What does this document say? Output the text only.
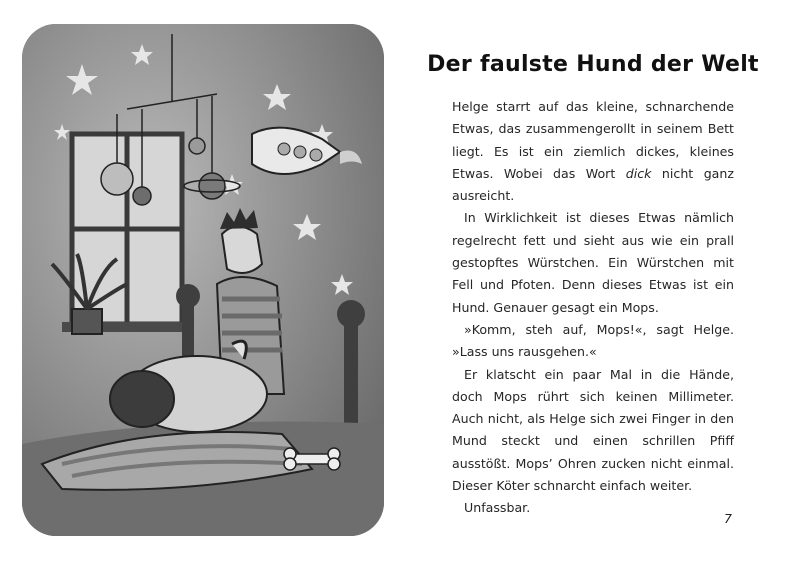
Der faulste Hund der Welt

Helge starrt auf das kleine, schnarchende Etwas, das zusammengerollt in seinem Bett liegt. Es ist ein ziemlich dickes, kleines Etwas. Wobei das Wort dick nicht ganz ausreicht.

In Wirklichkeit ist dieses Etwas nämlich regelrecht fett und sieht aus wie ein prall gestopftes Würstchen. Ein Würstchen mit Fell und Pfoten. Denn dieses Etwas ist ein Hund. Genauer gesagt ein Mops.

»Komm, steh auf, Mops!«, sagt Helge. »Lass uns rausgehen.«

Er klatscht ein paar Mal in die Hände, doch Mops rührt sich keinen Millimeter. Auch nicht, als Helge sich zwei Finger in den Mund steckt und einen schrillen Pfiff ausstößt. Mops’ Ohren zucken nicht einmal. Dieser Köter schnarcht einfach weiter.

Unfassbar.

7
